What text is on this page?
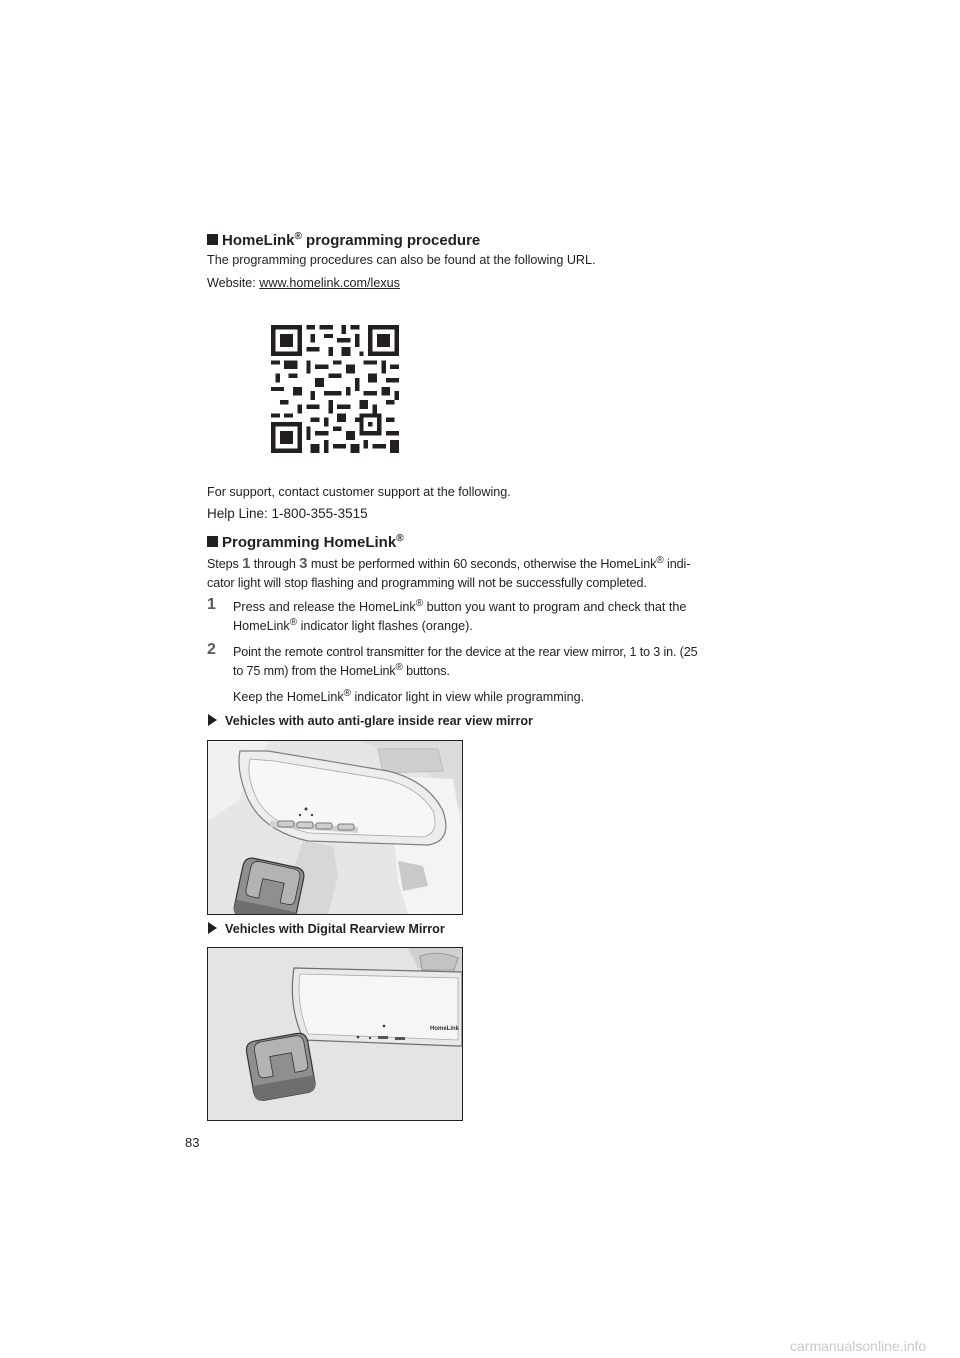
HomeLink® programming procedure
The programming procedures can also be found at the following URL.
Website: www.homelink.com/lexus
For support, contact customer support at the following.
Help Line: 1-800-355-3515
Programming HomeLink®
Steps 1 through 3 must be performed within 60 seconds, otherwise the HomeLink® indi-
cator light will stop flashing and programming will not be successfully completed.
1 Press and release the HomeLink® button you want to program and check that the
HomeLink® indicator light flashes (orange).
2 Point the remote control transmitter for the device at the rear view mirror, 1 to 3 in. (25
to 75 mm) from the HomeLink® buttons.
Keep the HomeLink® indicator light in view while programming.
Vehicles with auto anti-glare inside rear view mirror
Vehicles with Digital Rearview Mirror
HomeLink
83
carmanualsonline.info
